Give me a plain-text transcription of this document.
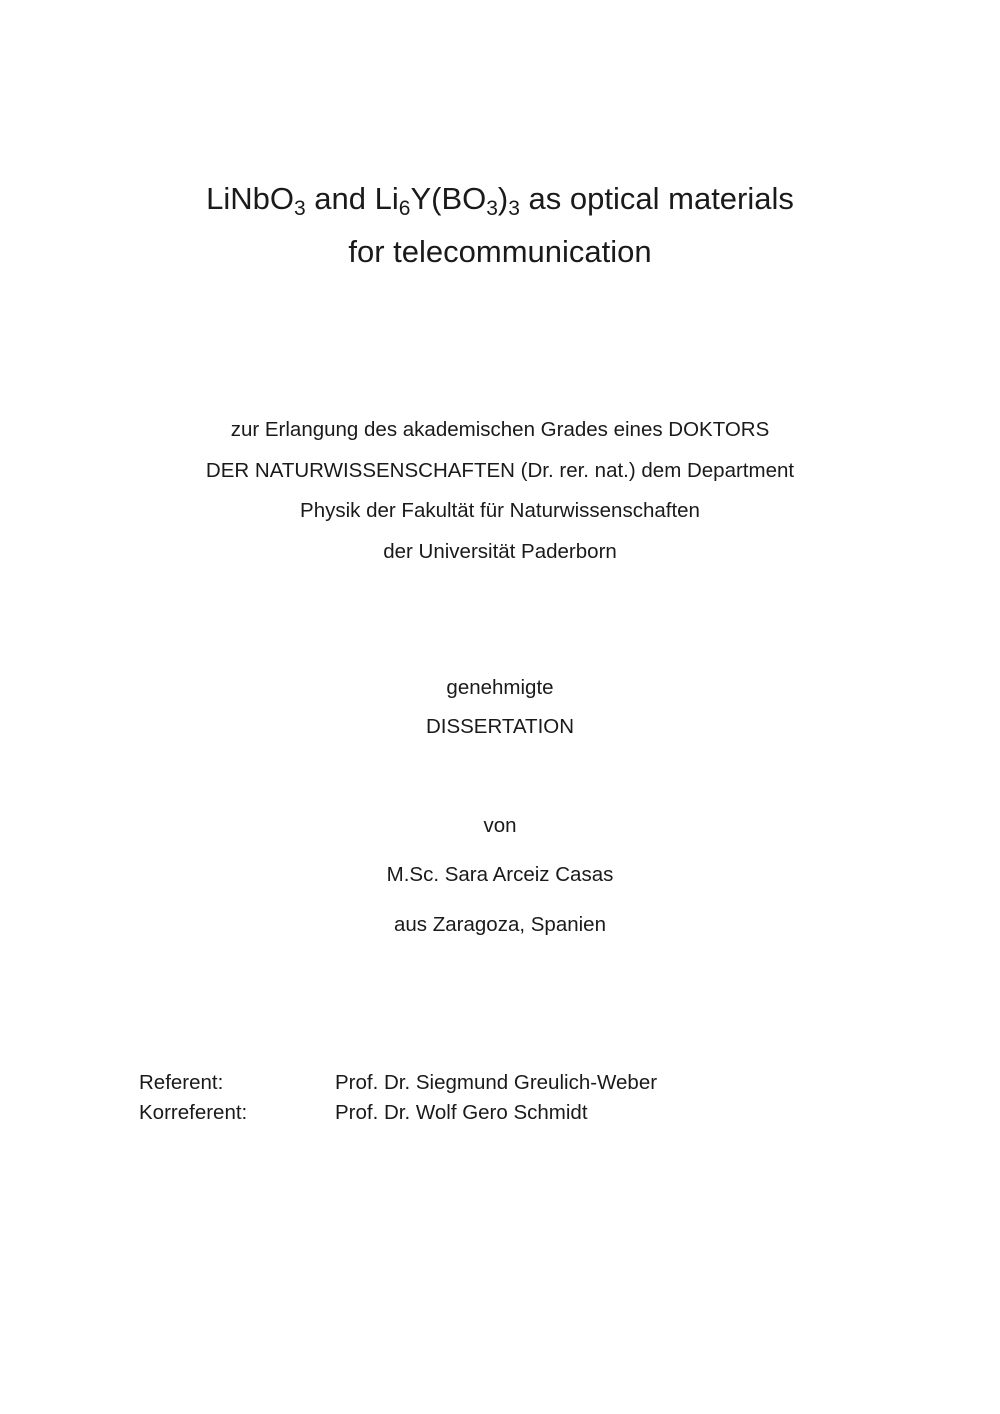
LiNbO$_3$ and $Li_6Y(BO_3)_3$ as optical materials
for telecommunication
zur Erlangung des akademischen Grades eines DOKTORS
DER NATURWISSENSCHAFTEN (Dr. rer. nat.) dem Department
Physik der Fakultät für Naturwissenschaften
der Universität Paderborn
genehmigte
DISSERTATION
von
M.Sc. Sara Arceiz Casas
aus Zaragoza, Spanien
Referent:	Prof. Dr. Siegmund Greulich-Weber
Korreferent:	Prof. Dr. Wolf Gero Schmidt
